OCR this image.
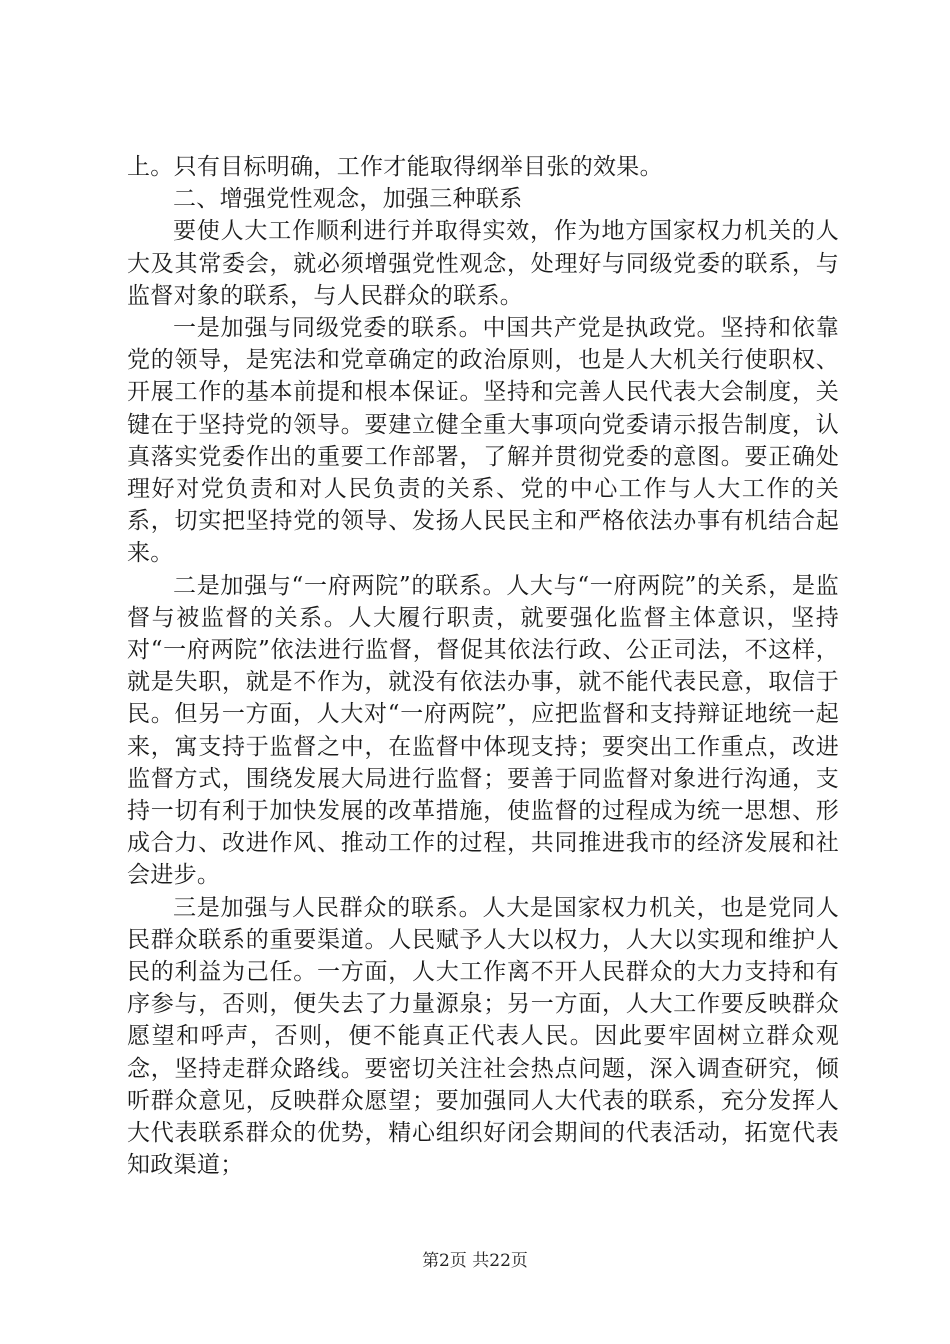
上。只有目标明确，工作才能取得纲举目张的效果。

二、增强党性观念，加强三种联系

要使人大工作顺利进行并取得实效，作为地方国家权力机关的人大及其常委会，就必须增强党性观念，处理好与同级党委的联系，与监督对象的联系，与人民群众的联系。

一是加强与同级党委的联系。中国共产党是执政党。坚持和依靠党的领导，是宪法和党章确定的政治原则，也是人大机关行使职权、开展工作的基本前提和根本保证。坚持和完善人民代表大会制度，关键在于坚持党的领导。要建立健全重大事项向党委请示报告制度，认真落实党委作出的重要工作部署，了解并贯彻党委的意图。要正确处理好对党负责和对人民负责的关系、党的中心工作与人大工作的关系，切实把坚持党的领导、发扬人民民主和严格依法办事有机结合起来。

二是加强与“一府两院”的联系。人大与“一府两院”的关系，是监督与被监督的关系。人大履行职责，就要强化监督主体意识，坚持对“一府两院”依法进行监督，督促其依法行政、公正司法，不这样，就是失职，就是不作为，就没有依法办事，就不能代表民意，取信于民。但另一方面，人大对“一府两院”，应把监督和支持辩证地统一起来，寓支持于监督之中，在监督中体现支持；要突出工作重点，改进监督方式，围绕发展大局进行监督；要善于同监督对象进行沟通，支持一切有利于加快发展的改革措施，使监督的过程成为统一思想、形成合力、改进作风、推动工作的过程，共同推进我市的经济发展和社会进步。

三是加强与人民群众的联系。人大是国家权力机关，也是党同人民群众联系的重要渠道。人民赋予人大以权力，人大以实现和维护人民的利益为己任。一方面，人大工作离不开人民群众的大力支持和有序参与，否则，便失去了力量源泉；另一方面，人大工作要反映群众愿望和呼声，否则，便不能真正代表人民。因此要牢固树立群众观念，坚持走群众路线。要密切关注社会热点问题，深入调查研究，倾听群众意见，反映群众愿望；要加强同人大代表的联系，充分发挥人大代表联系群众的优势，精心组织好闭会期间的代表活动，拓宽代表知政渠道；

第2页 共22页
